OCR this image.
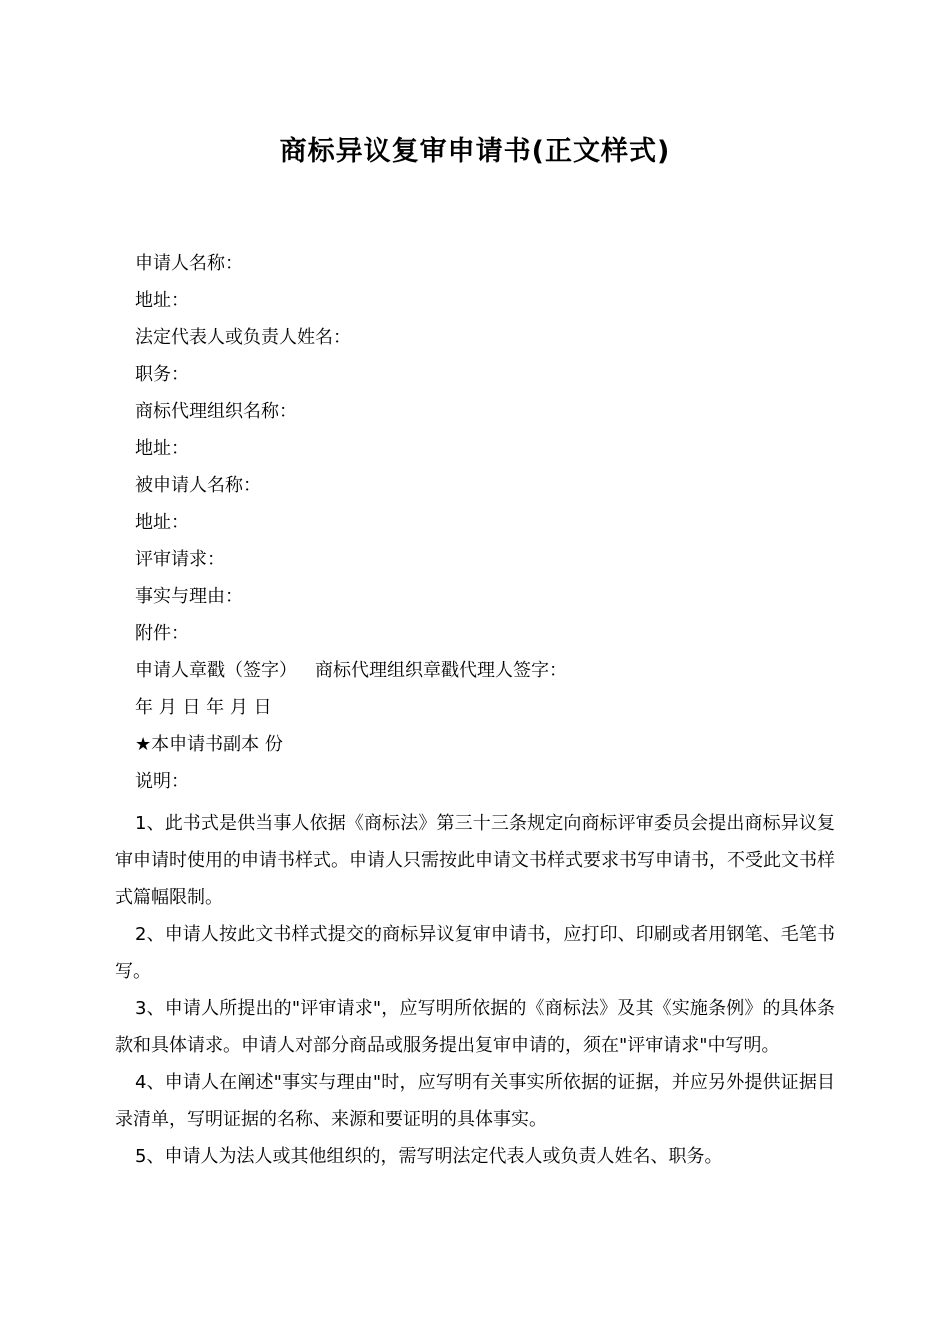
商标异议复审申请书(正文样式)
申请人名称：
地址：
法定代表人或负责人姓名：
职务：
商标代理组织名称：
地址：
被申请人名称：
地址：
评审请求：
事实与理由：
附件：
申请人章戳（签字） 商标代理组织章戳代理人签字：
年 月 日 年 月 日
★本申请书副本 份
说明：
1、此书式是供当事人依据《商标法》第三十三条规定向商标评审委员会提出商标异议复审申请时使用的申请书样式。申请人只需按此申请文书样式要求书写申请书，不受此文书样式篇幅限制。
2、申请人按此文书样式提交的商标异议复审申请书，应打印、印刷或者用钢笔、毛笔书写。
3、申请人所提出的"评审请求"，应写明所依据的《商标法》及其《实施条例》的具体条款和具体请求。申请人对部分商品或服务提出复审申请的，须在"评审请求"中写明。
4、申请人在阐述"事实与理由"时，应写明有关事实所依据的证据，并应另外提供证据目录清单，写明证据的名称、来源和要证明的具体事实。
5、申请人为法人或其他组织的，需写明法定代表人或负责人姓名、职务。
